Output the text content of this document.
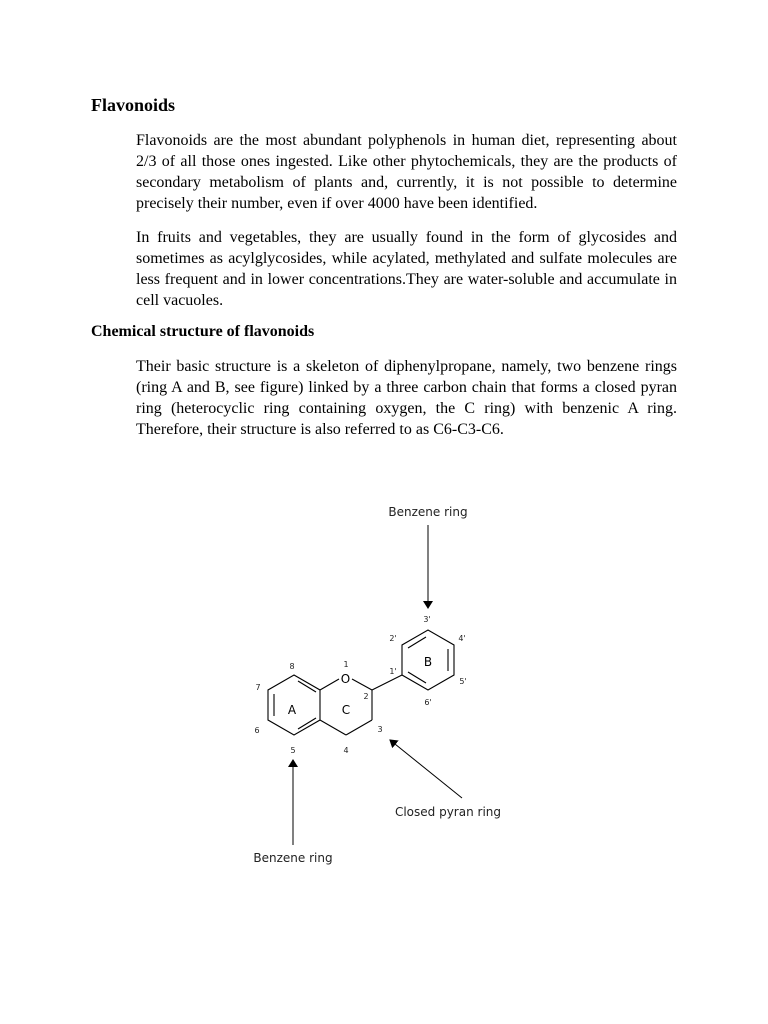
Flavonoids

Flavonoids are the most abundant polyphenols in human diet, representing about 2/3 of all those ones ingested. Like other phytochemicals, they are the products of secondary metabolism of plants and, currently, it is not possible to determine precisely their number, even if over 4000 have been identified.

In fruits and vegetables, they are usually found in the form of glycosides and sometimes as acylglycosides, while acylated, methylated and sulfate molecules are less frequent and in lower concentrations.They are water-soluble and accumulate in cell vacuoles.

Chemical structure of flavonoids

Their basic structure is a skeleton of diphenylpropane, namely, two benzene rings (ring A and B, see figure) linked by a three carbon chain that forms a closed pyran ring (heterocyclic ring containing oxygen, the C ring) with benzenic A ring. Therefore, their structure is also referred to as C6-C3-C6.

O
A	C
B
1
2
3
4
5
6
7
8
1'
2'
3'
4'
5'
6'
Benzene ring
Closed pyran ring
Benzene ring
